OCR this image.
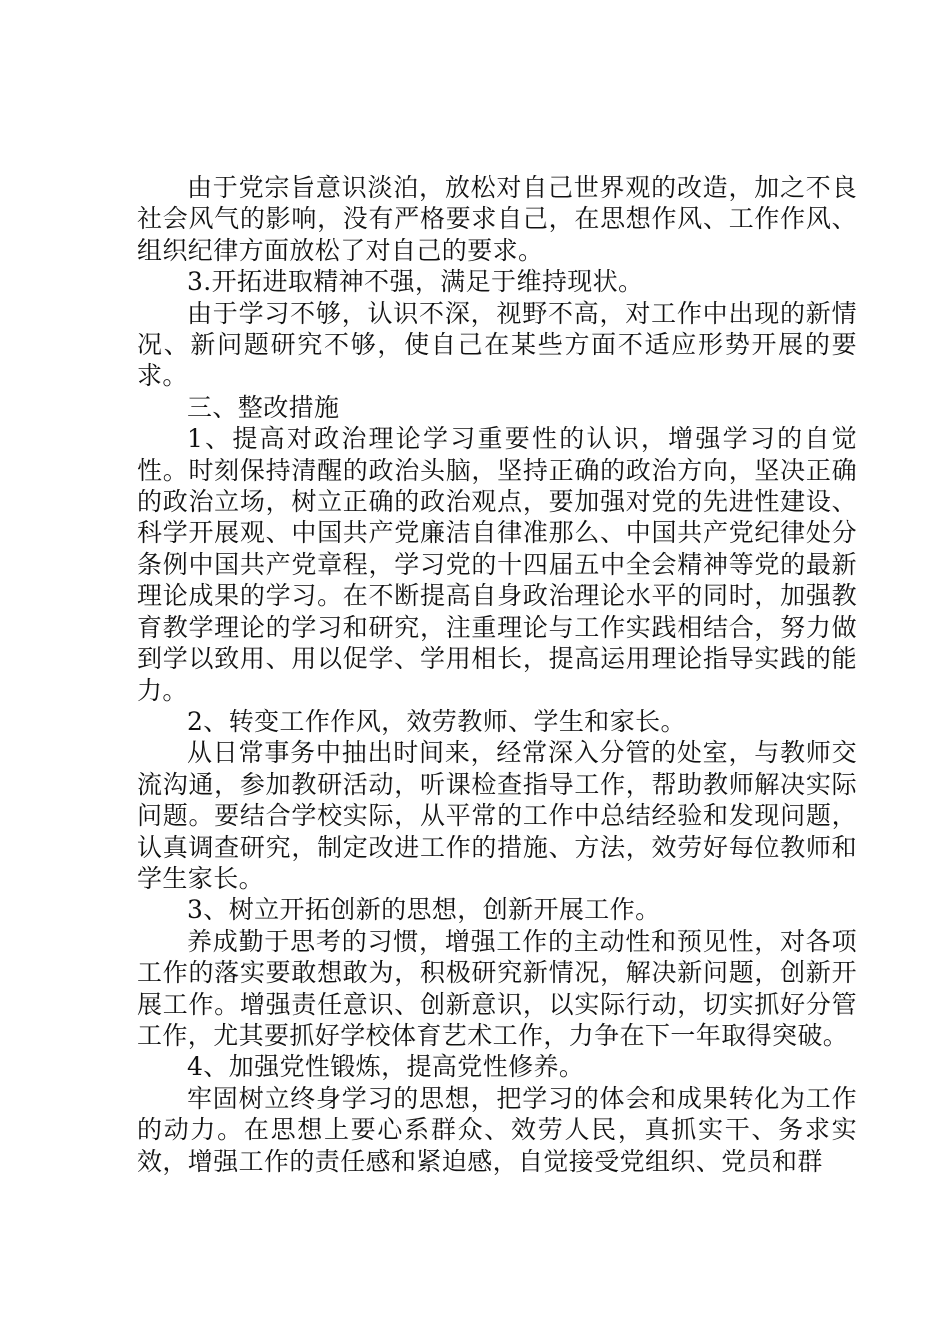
由于党宗旨意识淡泊，放松对自己世界观的改造，加之不良社会风气的影响，没有严格要求自己，在思想作风、工作作风、组织纪律方面放松了对自己的要求。

3.开拓进取精神不强，满足于维持现状。

由于学习不够，认识不深，视野不高，对工作中出现的新情况、新问题研究不够，使自己在某些方面不适应形势开展的要求。

三、整改措施

1、提高对政治理论学习重要性的认识，增强学习的自觉性。时刻保持清醒的政治头脑，坚持正确的政治方向，坚决正确的政治立场，树立正确的政治观点，要加强对党的先进性建设、科学开展观、中国共产党廉洁自律准那么、中国共产党纪律处分条例中国共产党章程，学习党的十四届五中全会精神等党的最新理论成果的学习。在不断提高自身政治理论水平的同时，加强教育教学理论的学习和研究，注重理论与工作实践相结合，努力做到学以致用、用以促学、学用相长，提高运用理论指导实践的能力。

2、转变工作作风，效劳教师、学生和家长。

从日常事务中抽出时间来，经常深入分管的处室，与教师交流沟通，参加教研活动，听课检查指导工作，帮助教师解决实际问题。要结合学校实际，从平常的工作中总结经验和发现问题，认真调查研究，制定改进工作的措施、方法，效劳好每位教师和学生家长。

3、树立开拓创新的思想，创新开展工作。

养成勤于思考的习惯，增强工作的主动性和预见性，对各项工作的落实要敢想敢为，积极研究新情况，解决新问题，创新开展工作。增强责任意识、创新意识，以实际行动，切实抓好分管工作，尤其要抓好学校体育艺术工作，力争在下一年取得突破。

4、加强党性锻炼，提高党性修养。

牢固树立终身学习的思想，把学习的体会和成果转化为工作的动力。在思想上要心系群众、效劳人民，真抓实干、务求实效，增强工作的责任感和紧迫感，自觉接受党组织、党员和群
